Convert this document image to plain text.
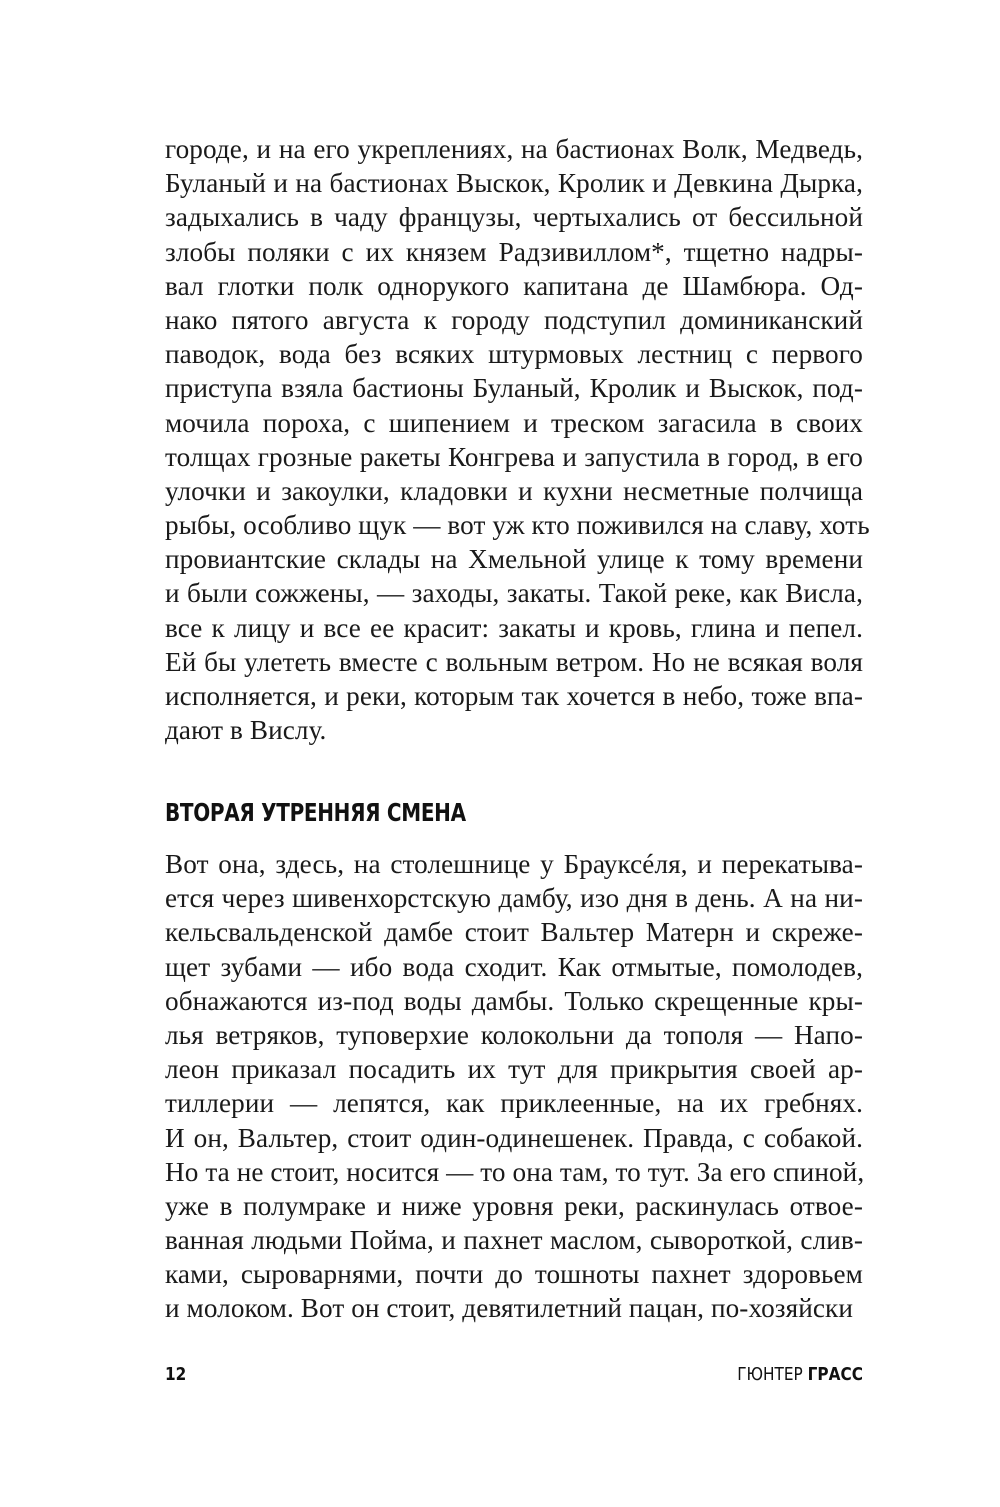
городе, и на его укреплениях, на бастионах Волк, Медведь,
Буланый и на бастионах Выскок, Кролик и Девкина Дырка,
задыхались в чаду французы, чертыхались от бессильной
злобы поляки с их князем Радзивиллом*, тщетно надры-
вал глотки полк однорукого капитана де Шамбюра. Од-
нако пятого августа к городу подступил доминиканский
паводок, вода без всяких штурмовых лестниц с первого
приступа взяла бастионы Буланый, Кролик и Выскок, под-
мочила пороха, с шипением и треском загасила в своих
толщах грозные ракеты Конгрева и запустила в город, в его
улочки и закоулки, кладовки и кухни несметные полчища
рыбы, особливо щук — вот уж кто поживился на славу, хоть
провиантские склады на Хмельной улице к тому времени
и были сожжены, — заходы, закаты. Такой реке, как Висла,
все к лицу и все ее красит: закаты и кровь, глина и пепел.
Ей бы улететь вместе с вольным ветром. Но не всякая воля
исполняется, и реки, которым так хочется в небо, тоже впа-
дают в Вислу.
ВТОРАЯ УТРЕННЯЯ СМЕНА
Вот она, здесь, на столешнице у Брауксéля, и перекатыва-
ется через шивенхорстскую дамбу, изо дня в день. А на ни-
кельсвальденской дамбе стоит Вальтер Матерн и скреже-
щет зубами — ибо вода сходит. Как отмытые, помолодев,
обнажаются из-под воды дамбы. Только скрещенные кры-
лья ветряков, туповерхие колокольни да тополя — Напо-
леон приказал посадить их тут для прикрытия своей ар-
тиллерии — лепятся, как приклеенные, на их гребнях.
И он, Вальтер, стоит один-одинешенек. Правда, с собакой.
Но та не стоит, носится — то она там, то тут. За его спиной,
уже в полумраке и ниже уровня реки, раскинулась отвое-
ванная людьми Пойма, и пахнет маслом, сывороткой, слив-
ками, сыроварнями, почти до тошноты пахнет здоровьем
и молоком. Вот он стоит, девятилетний пацан, по-хозяйски
12	ГЮНТЕР ГРАСС
